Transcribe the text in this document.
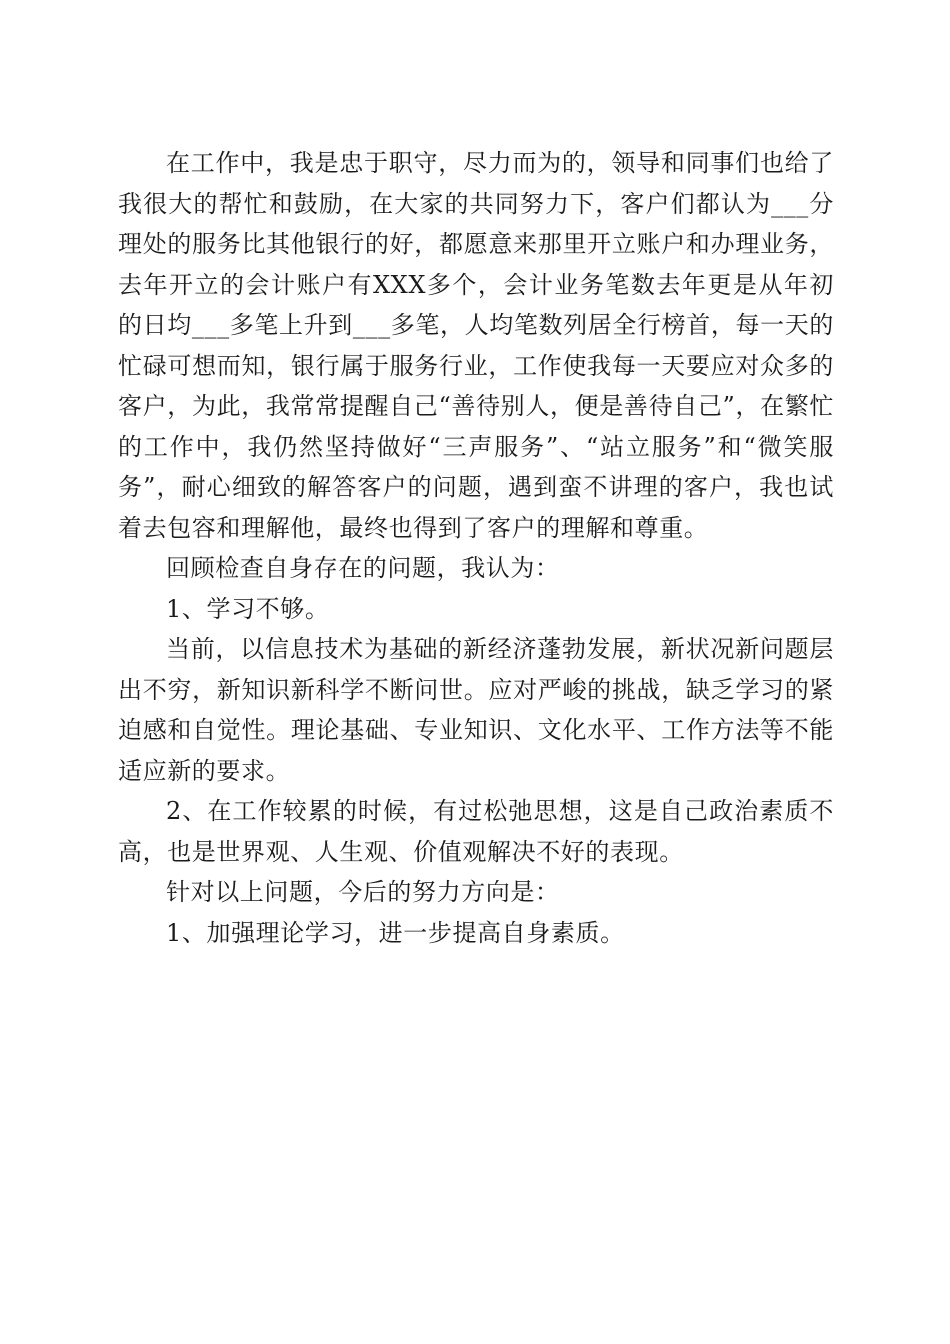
在工作中，我是忠于职守，尽力而为的，领导和同事们也给了我很大的帮忙和鼓励，在大家的共同努力下，客户们都认为___分理处的服务比其他银行的好，都愿意来那里开立账户和办理业务，去年开立的会计账户有XXX多个，会计业务笔数去年更是从年初的日均___多笔上升到___多笔，人均笔数列居全行榜首，每一天的忙碌可想而知，银行属于服务行业，工作使我每一天要应对众多的客户，为此，我常常提醒自己“善待别人，便是善待自己”，在繁忙的工作中，我仍然坚持做好“三声服务”、“站立服务”和“微笑服务”，耐心细致的解答客户的问题，遇到蛮不讲理的客户，我也试着去包容和理解他，最终也得到了客户的理解和尊重。

回顾检查自身存在的问题，我认为：

1、学习不够。

当前，以信息技术为基础的新经济蓬勃发展，新状况新问题层出不穷，新知识新科学不断问世。应对严峻的挑战，缺乏学习的紧迫感和自觉性。理论基础、专业知识、文化水平、工作方法等不能适应新的要求。

2、在工作较累的时候，有过松弛思想，这是自己政治素质不高，也是世界观、人生观、价值观解决不好的表现。

针对以上问题，今后的努力方向是：

1、加强理论学习，进一步提高自身素质。
